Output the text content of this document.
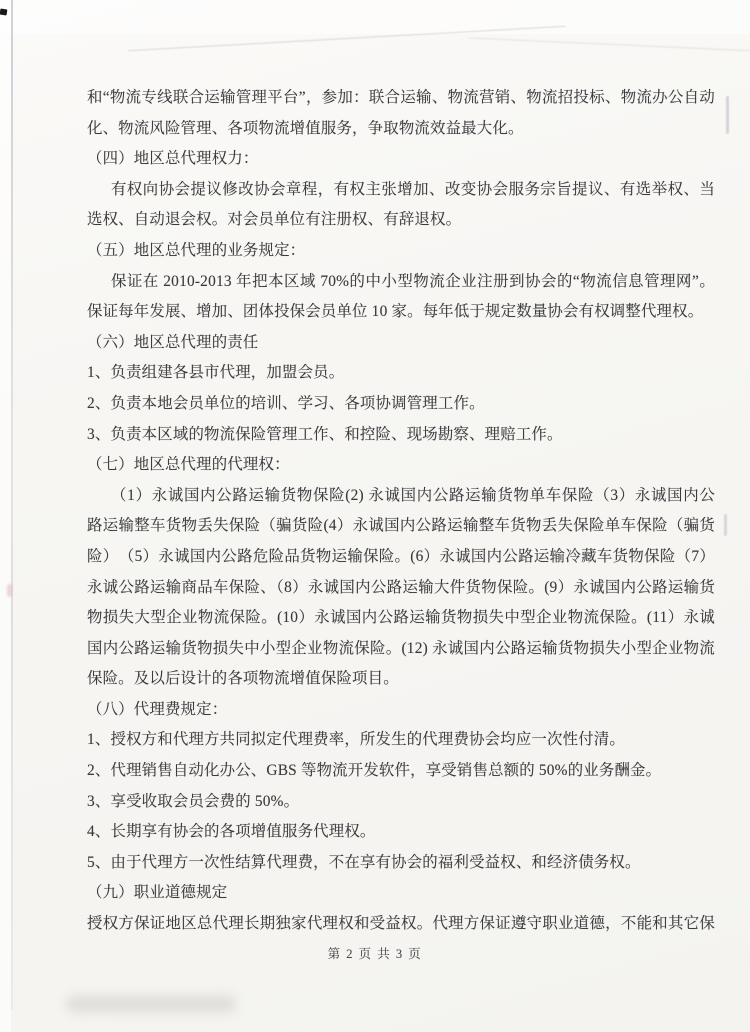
和“物流专线联合运输管理平台”，参加：联合运输、物流营销、物流招投标、物流办公自动
化、物流风险管理、各项物流增值服务，争取物流效益最大化。
（四）地区总代理权力：
有权向协会提议修改协会章程，有权主张增加、改变协会服务宗旨提议、有选举权、当
选权、自动退会权。对会员单位有注册权、有辞退权。
（五）地区总代理的业务规定：
保证在 2010-2013 年把本区域 70%的中小型物流企业注册到协会的“物流信息管理网”。
保证每年发展、增加、团体投保会员单位 10 家。每年低于规定数量协会有权调整代理权。
（六）地区总代理的责任
1、负责组建各县市代理，加盟会员。
2、负责本地会员单位的培训、学习、各项协调管理工作。
3、负责本区域的物流保险管理工作、和控险、现场勘察、理赔工作。
（七）地区总代理的代理权：
（1）永诚国内公路运输货物保险(2) 永诚国内公路运输货物单车保险（3）永诚国内公
路运输整车货物丢失保险（骗货险(4）永诚国内公路运输整车货物丢失保险单车保险（骗货
险）　（5）永诚国内公路危险品货物运输保险。(6）永诚国内公路运输冷藏车货物保险（7）
永诚公路运输商品车保险、（8）永诚国内公路运输大件货物保险。(9）永诚国内公路运输货
物损失大型企业物流保险。(10）永诚国内公路运输货物损失中型企业物流保险。(11）永诚
国内公路运输货物损失中小型企业物流保险。(12) 永诚国内公路运输货物损失小型企业物流
保险。及以后设计的各项物流增值保险项目。
（八）代理费规定：
1、授权方和代理方共同拟定代理费率，所发生的代理费协会均应一次性付清。
2、代理销售自动化办公、GBS 等物流开发软件，享受销售总额的 50%的业务酬金。
3、享受收取会员会费的 50%。
4、长期享有协会的各项增值服务代理权。
5、由于代理方一次性结算代理费，不在享有协会的福利受益权、和经济债务权。
（九）职业道德规定
授权方保证地区总代理长期独家代理权和受益权。代理方保证遵守职业道德，不能和其它保
第 2 页 共 3 页
